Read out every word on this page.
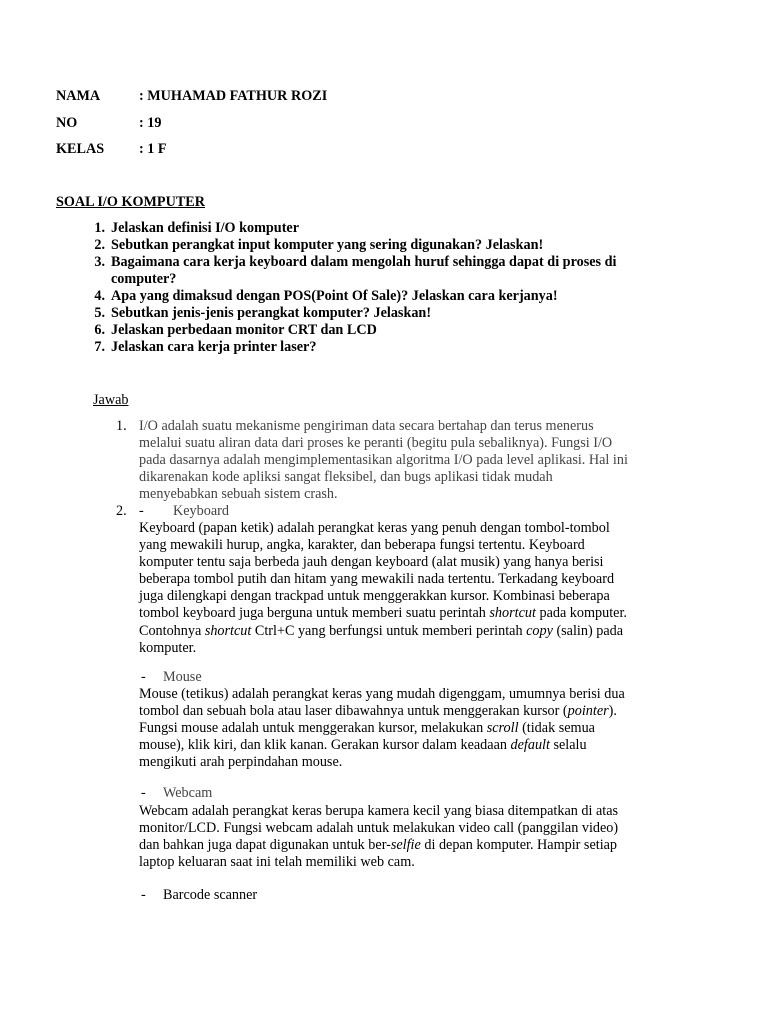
NAMA	: MUHAMAD FATHUR ROZI
NO	: 19
KELAS : 1 F
SOAL I/O KOMPUTER
1. Jelaskan definisi I/O komputer
2. Sebutkan perangkat input komputer yang sering digunakan? Jelaskan!
3. Bagaimana cara kerja keyboard dalam mengolah huruf sehingga dapat di proses di
computer?
4. Apa yang dimaksud dengan POS(Point Of Sale)? Jelaskan cara kerjanya!
5. Sebutkan jenis-jenis perangkat komputer? Jelaskan!
6. Jelaskan perbedaan monitor CRT dan LCD
7. Jelaskan cara kerja printer laser?
Jawab
1. I/O adalah suatu mekanisme pengiriman data secara bertahap dan terus menerus
melalui suatu aliran data dari proses ke peranti (begitu pula sebaliknya). Fungsi I/O
pada dasarnya adalah mengimplementasikan algoritma I/O pada level aplikasi. Hal ini
dikarenakan kode apliksi sangat fleksibel, dan bugs aplikasi tidak mudah
menyebabkan sebuah sistem crash.
2. - Keyboard
Keyboard (papan ketik) adalah perangkat keras yang penuh dengan tombol-tombol
yang mewakili hurup, angka, karakter, dan beberapa fungsi tertentu. Keyboard
komputer tentu saja berbeda jauh dengan keyboard (alat musik) yang hanya berisi
beberapa tombol putih dan hitam yang mewakili nada tertentu. Terkadang keyboard
juga dilengkapi dengan trackpad untuk menggerakkan kursor. Kombinasi beberapa
tombol keyboard juga berguna untuk memberi suatu perintah shortcut pada komputer.
Contohnya shortcut Ctrl+C yang berfungsi untuk memberi perintah copy (salin) pada
komputer.
- Mouse
Mouse (tetikus) adalah perangkat keras yang mudah digenggam, umumnya berisi dua
tombol dan sebuah bola atau laser dibawahnya untuk menggerakan kursor (pointer).
Fungsi mouse adalah untuk menggerakan kursor, melakukan scroll (tidak semua
mouse), klik kiri, dan klik kanan. Gerakan kursor dalam keadaan default selalu
mengikuti arah perpindahan mouse.
- Webcam
Webcam adalah perangkat keras berupa kamera kecil yang biasa ditempatkan di atas
monitor/LCD. Fungsi webcam adalah untuk melakukan video call (panggilan video)
dan bahkan juga dapat digunakan untuk ber-selfie di depan komputer. Hampir setiap
laptop keluaran saat ini telah memiliki web cam.
- Barcode scanner
